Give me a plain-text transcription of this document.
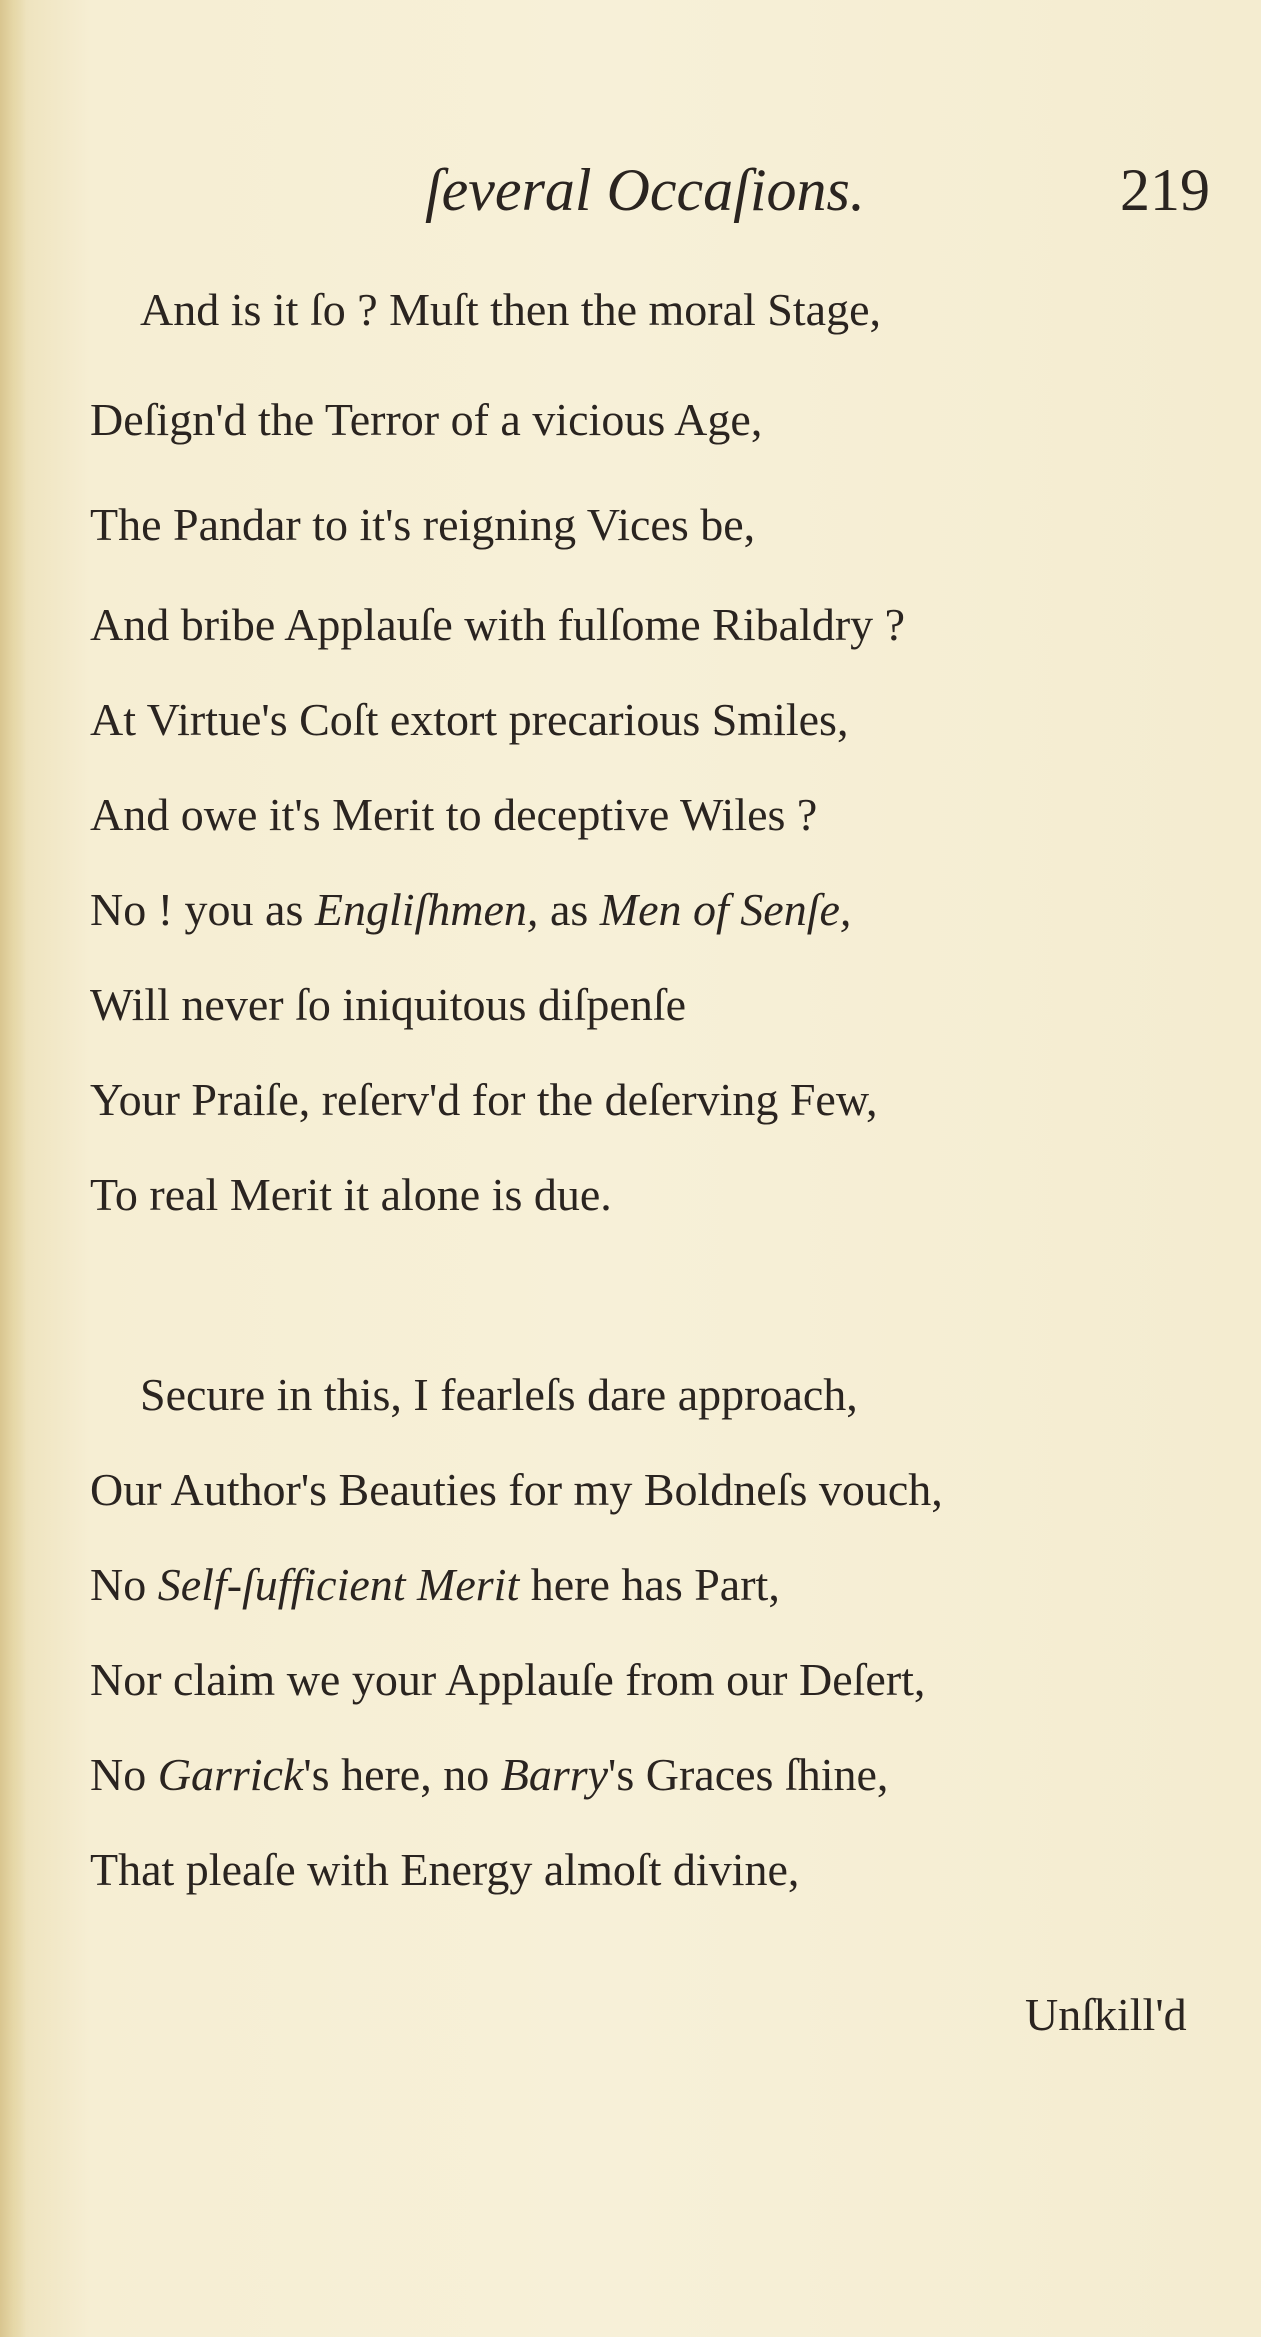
ſeveral Occaſions.	219
And is it ſo ? Muſt then the moral Stage,
Deſign'd the Terror of a vicious Age,
The Pandar to it's reigning Vices be,
And bribe Applauſe with fulſome Ribaldry ?
At Virtue's Coſt extort precarious Smiles,
And owe it's Merit to deceptive Wiles ?
No ! you as Engliſhmen, as Men of Senſe,
Will never ſo iniquitous diſpenſe
Your Praiſe, reſerv'd for the deſerving Few,
To real Merit it alone is due.
Secure in this, I fearleſs dare approach,
Our Author's Beauties for my Boldneſs vouch,
No Self-ſufficient Merit here has Part,
Nor claim we your Applauſe from our Deſert,
No Garrick's here, no Barry's Graces ſhine,
That pleaſe with Energy almoſt divine,
Unſkill'd
